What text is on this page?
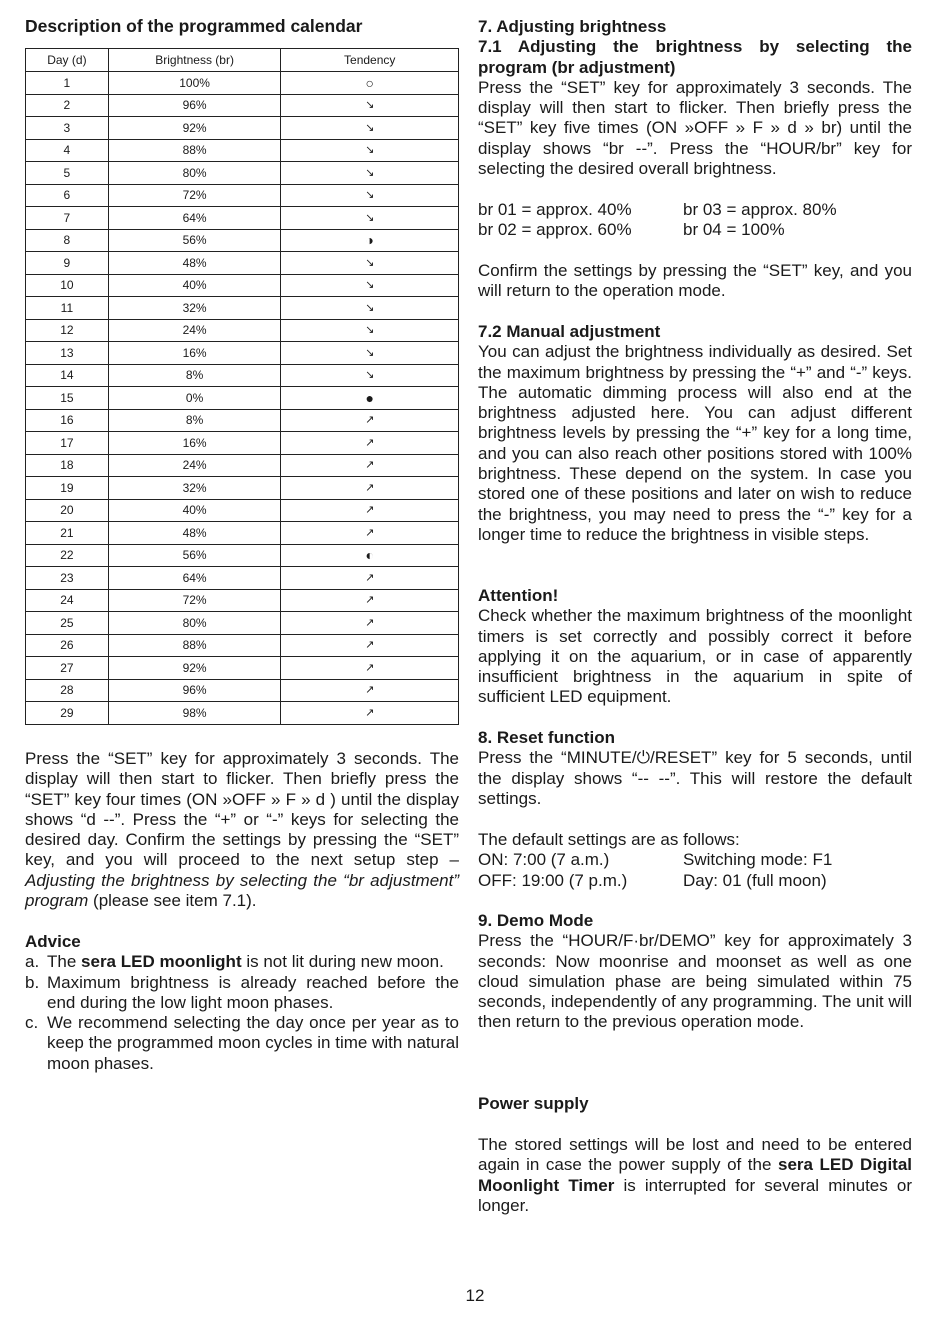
Description of the programmed calendar
Day (d)	Brightness (br)	Tendency
1	100%	○
2	96%	↘
3	92%	↘
4	88%	↘
5	80%	↘
6	72%	↘
7	64%	↘
8	56%	◑
9	48%	↘
10	40%	↘
11	32%	↘
12	24%	↘
13	16%	↘
14	8%	↘
15	0%	●
16	8%	↗
17	16%	↗
18	24%	↗
19	32%	↗
20	40%	↗
21	48%	↗
22	56%	◐
23	64%	↗
24	72%	↗
25	80%	↗
26	88%	↗
27	92%	↗
28	96%	↗
29	98%	↗
Press the “SET” key for approximately 3 seconds. The display will then start to flicker. Then briefly press the “SET” key four times (ON »OFF » F » d ) until the display shows “d --”. Press the “+” or “-” keys for selecting the desired day. Confirm the settings by pressing the “SET” key, and you will proceed to the next setup step – Adjusting the brightness by selecting the “br adjustment” program (please see item 7.1).
Advice
a. The sera LED moonlight is not lit during new moon.
b. Maximum brightness is already reached before the end during the low light moon phases.
c. We recommend selecting the day once per year as to keep the programmed moon cycles in time with natural moon phases.
7. Adjusting brightness
7.1 Adjusting the brightness by selecting the program (br adjustment)
Press the “SET” key for approximately 3 seconds. The display will then start to flicker. Then briefly press the “SET” key five times (ON »OFF » F » d » br) until the display shows “br --”. Press the “HOUR/br” key for selecting the desired overall brightness.
br 01 = approx. 40%	br 03 = approx. 80%
br 02 = approx. 60%	br 04 = 100%
Confirm the settings by pressing the “SET” key, and you will return to the operation mode.
7.2 Manual adjustment
You can adjust the brightness individually as desired. Set the maximum brightness by pressing the “+” and “-” keys. The automatic dimming process will also end at the brightness adjusted here. You can adjust different brightness levels by pressing the “+” key for a long time, and you can also reach other positions stored with 100% brightness. These depend on the system. In case you stored one of these positions and later on wish to reduce the brightness, you may need to press the “-” key for a longer time to reduce the brightness in visible steps.
Attention!
Check whether the maximum brightness of the moonlight timers is set correctly and possibly correct it before applying it on the aquarium, or in case of apparently insufficient brightness in the aquarium in spite of sufficient LED equipment.
8. Reset function
Press the “MINUTE/⏻/RESET” key for 5 seconds, until the display shows “-- --”. This will restore the default settings.
The default settings are as follows:
ON: 7:00 (7 a.m.)	Switching mode: F1
OFF: 19:00 (7 p.m.)	Day: 01 (full moon)
9. Demo Mode
Press the “HOUR/F·br/DEMO” key for approximately 3 seconds: Now moonrise and moonset as well as one cloud simulation phase are being simulated within 75 seconds, independently of any programming. The unit will then return to the previous operation mode.
Power supply
The stored settings will be lost and need to be entered again in case the power supply of the sera LED Digital Moonlight Timer is interrupted for several minutes or longer.
12
